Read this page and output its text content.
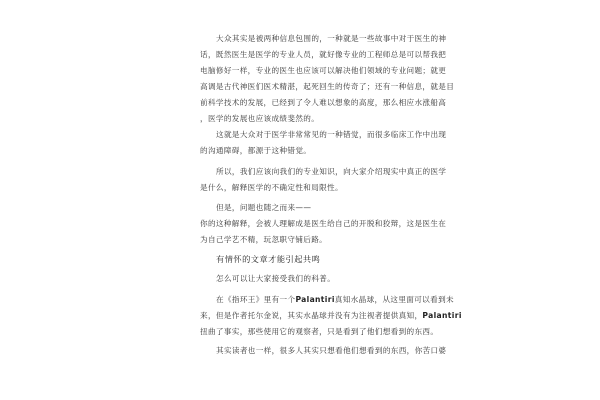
大众其实是被两种信息包围的，一种就是一些故事中对于医生的神
话，既然医生是医学的专业人员，就好像专业的工程师总是可以帮我把
电脑修好一样，专业的医生也应该可以解决他们领域的专业问题；就更
高调是古代神医们医术精湛，起死回生的传奇了；还有一种信息，就是目
前科学技术的发展，已经到了令人难以想象的高度，那么相应水涨船高
，医学的发展也应该成绩斐然的。
这就是大众对于医学非常常见的一种错觉，而很多临床工作中出现
的沟通障碍，都源于这种错觉。
所以，我们应该向我们的专业知识，向大家介绍现实中真正的医学
是什么，解释医学的不确定性和局限性。
但是，问题也随之而来——
你的这种解释，会被人理解成是医生给自己的开脱和狡辩，这是医生在
为自己学艺不精，玩忽职守铺后路。

有情怀的文章才能引起共鸣

怎么可以让大家接受我们的科普。
在《指环王》里有一个Palantiri真知水晶球，从这里面可以看到未
来，但是作者托尔金说，其实水晶球并没有为注视者提供真知，Palantiri
扭曲了事实，那些使用它的观察者，只是看到了他们想看到的东西。
其实读者也一样，很多人其实只想看他们想看到的东西，你苦口婆
